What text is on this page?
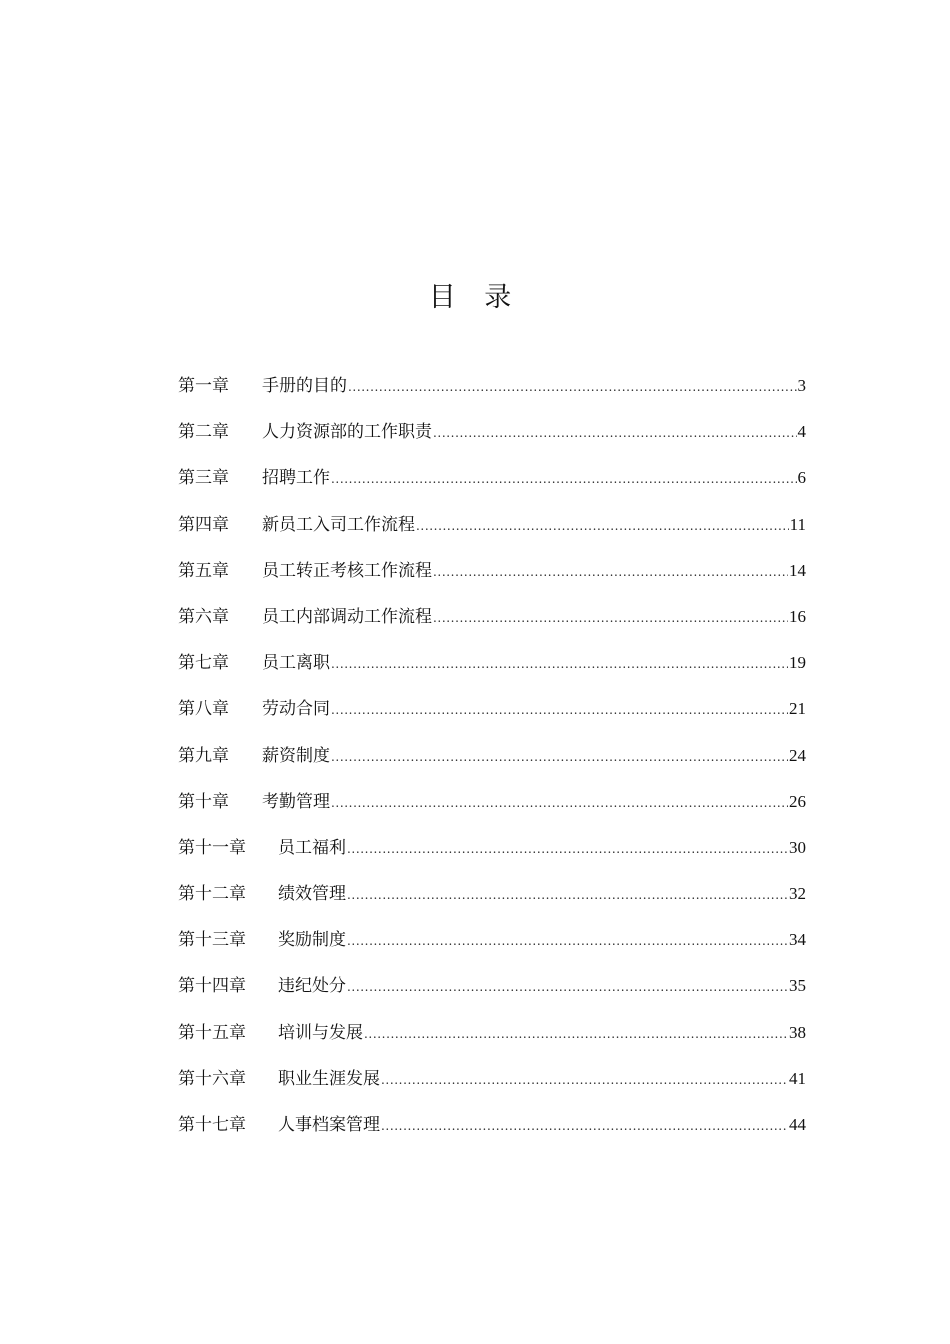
目 录
第一章	手册的目的 .....	3
第二章	人力资源部的工作职责 .....	4
第三章	招聘工作 .....	6
第四章	新员工入司工作流程 .....	11
第五章	员工转正考核工作流程 .....	14
第六章	员工内部调动工作流程 .....	16
第七章	员工离职 .....	19
第八章	劳动合同 .....	21
第九章	薪资制度 .....	24
第十章	考勤管理 .....	26
第十一章	员工福利 .....	30
第十二章	绩效管理 .....	32
第十三章	奖励制度 .....	34
第十四章	违纪处分 .....	35
第十五章	培训与发展 .....	38
第十六章	职业生涯发展 .....	41
第十七章	人事档案管理 .....	44
